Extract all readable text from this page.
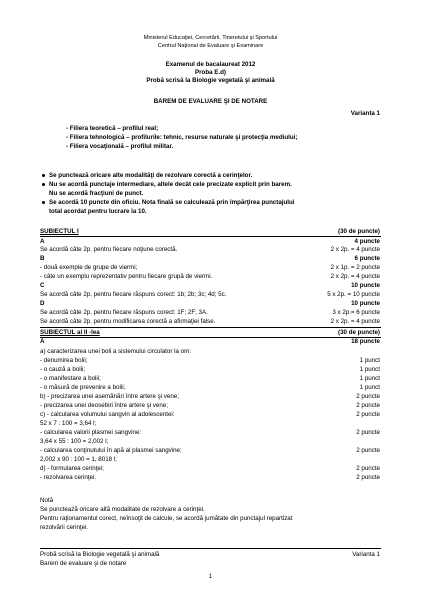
Ministerul Educaţiei, Cercetării, Tineretului şi Sportului
Centrul Naţional de Evaluare şi Examinare
Examenul de bacalaureat 2012
Proba E.d)
Probă scrisă la Biologie vegetală şi animală
BAREM DE EVALUARE ŞI DE NOTARE
Varianta 1
- Filiera teoretică – profilul real;
- Filiera tehnologică – profilurile: tehnic, resurse naturale şi protecţia mediului;
- Filiera vocaţională – profilul militar.
Se punctează oricare alte modalităţi de rezolvare corectă a cerinţelor.
Nu se acordă punctaje intermediare, altele decât cele precizate explicit prin barem.
Nu se acordă fracţiuni de punct.
Se acordă 10 puncte din oficiu. Nota finală se calculează prin împărţirea punctajului
total acordat pentru lucrare la 10.
SUBIECTUL I	(30 de puncte)
A	4 puncte
Se acordă câte 2p. pentru fiecare noţiune corectă.	2 x 2p. = 4 puncte
B	6 puncte
- două exemple de grupe de viermi;	2 x 1p. = 2 puncte
- câte un exemplu reprezentativ pentru fiecare grupă de viermi.	2 x 2p. = 4 puncte
C	10 puncte
Se acordă câte 2p. pentru fiecare răspuns corect: 1b; 2b; 3c; 4d; 5c.	5 x 2p. = 10 puncte
D	10 puncte
Se acordă câte 2p. pentru fiecare răspuns corect: 1F; 2F; 3A.	3 x 2p.= 6 puncte
Se acordă câte 2p. pentru modificarea corectă a afirmaţiei false.	2 x 2p. = 4 puncte
SUBIECTUL al II -lea	(30 de puncte)
A	18 puncte
a) caracterizarea unei boli a sistemului circulator la om:
- denumirea bolii;	1 punct
- o cauză a bolii;	1 punct
- o manifestare a bolii;	1 punct
- o măsură de prevenire a bolii;	1 punct
b) - precizarea unei asemănări între artere şi vene;	2 puncte
- precizarea unei deosebiri între artere şi vene;	2 puncte
c) - calcularea volumului sangvin al adolescentei:	2 puncte
52 x 7 : 100 = 3,64 l;
- calcularea valorii plasmei sangvine:	2 puncte
3,64 x 55 : 100 = 2,002 l;
- calcularea conţinutului în apă al plasmei sangvine;	2 puncte
2,002 x 90 : 100 = 1, 8018 l;
d) - formularea cerinţei;	2 puncte
- rezolvarea cerinţei.	2 puncte
Notă
Se punctează oricare altă modalitate de rezolvare a cerinţei.
Pentru raţionamentul corect, neînsoţit de calcule, se acordă jumătate din punctajul repartizat
rezolvării cerinţei.
Probă scrisă la Biologie vegetală şi animală	Varianta 1
Barem de evaluare şi de notare
1
